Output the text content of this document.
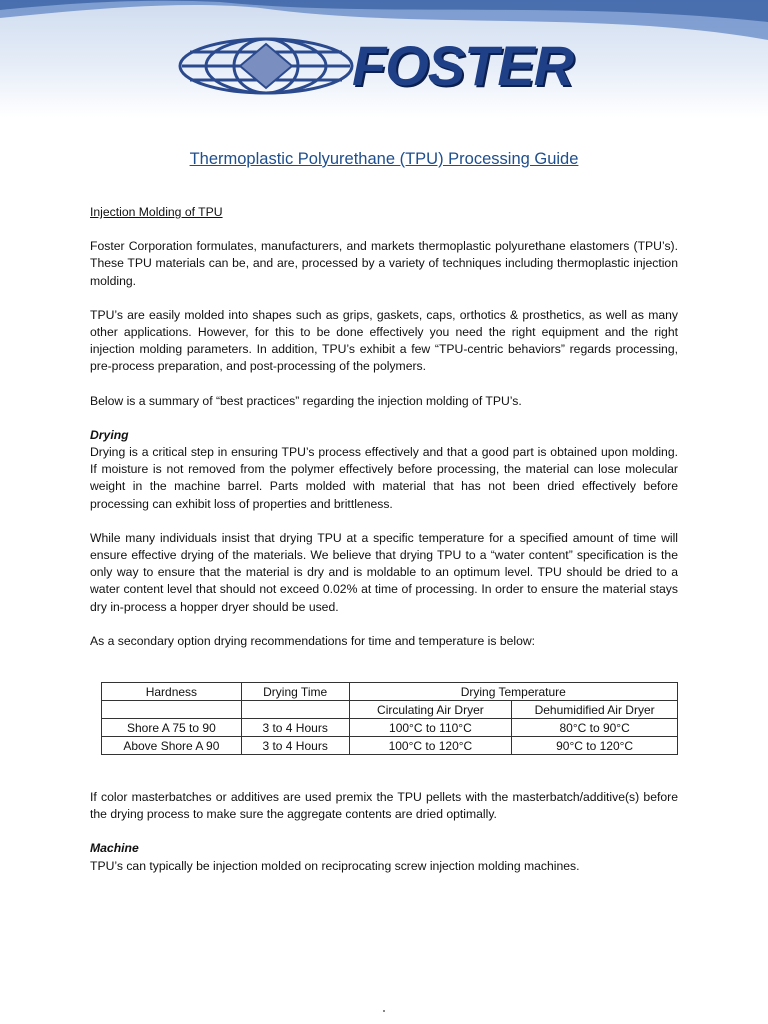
FOSTER
Thermoplastic Polyurethane (TPU) Processing Guide
Injection Molding of TPU

Foster Corporation formulates, manufacturers, and markets thermoplastic polyurethane elastomers (TPU’s). These TPU materials can be, and are, processed by a variety of techniques including thermoplastic injection molding.

TPU’s are easily molded into shapes such as grips, gaskets, caps, orthotics & prosthetics, as well as many other applications. However, for this to be done effectively you need the right equipment and the right injection molding parameters. In addition, TPU’s exhibit a few “TPU-centric behaviors” regards processing, pre-process preparation, and post-processing of the polymers.

Below is a summary of “best practices” regarding the injection molding of TPU’s.

Drying

Drying is a critical step in ensuring TPU’s process effectively and that a good part is obtained upon molding. If moisture is not removed from the polymer effectively before processing, the material can lose molecular weight in the machine barrel. Parts molded with material that has not been dried effectively before processing can exhibit loss of properties and brittleness.

While many individuals insist that drying TPU at a specific temperature for a specified amount of time will ensure effective drying of the materials. We believe that drying TPU to a “water content” specification is the only way to ensure that the material is dry and is moldable to an optimum level. TPU should be dried to a water content level that should not exceed 0.02% at time of processing. In order to ensure the material stays dry in-process a hopper dryer should be used.

As a secondary option drying recommendations for time and temperature is below:

Hardness	Drying Time	Drying Temperature	
		Circulating Air Dryer	Dehumidified Air Dryer
Shore A 75 to 90	3 to 4 Hours	100°C to 110°C	80°C to 90°C
Above Shore A 90	3 to 4 Hours	100°C to 120°C	90°C to 120°C

If color masterbatches or additives are used premix the TPU pellets with the masterbatch/additive(s) before the drying process to make sure the aggregate contents are dried optimally.

Machine

TPU’s can typically be injection molded on reciprocating screw injection molding machines.
